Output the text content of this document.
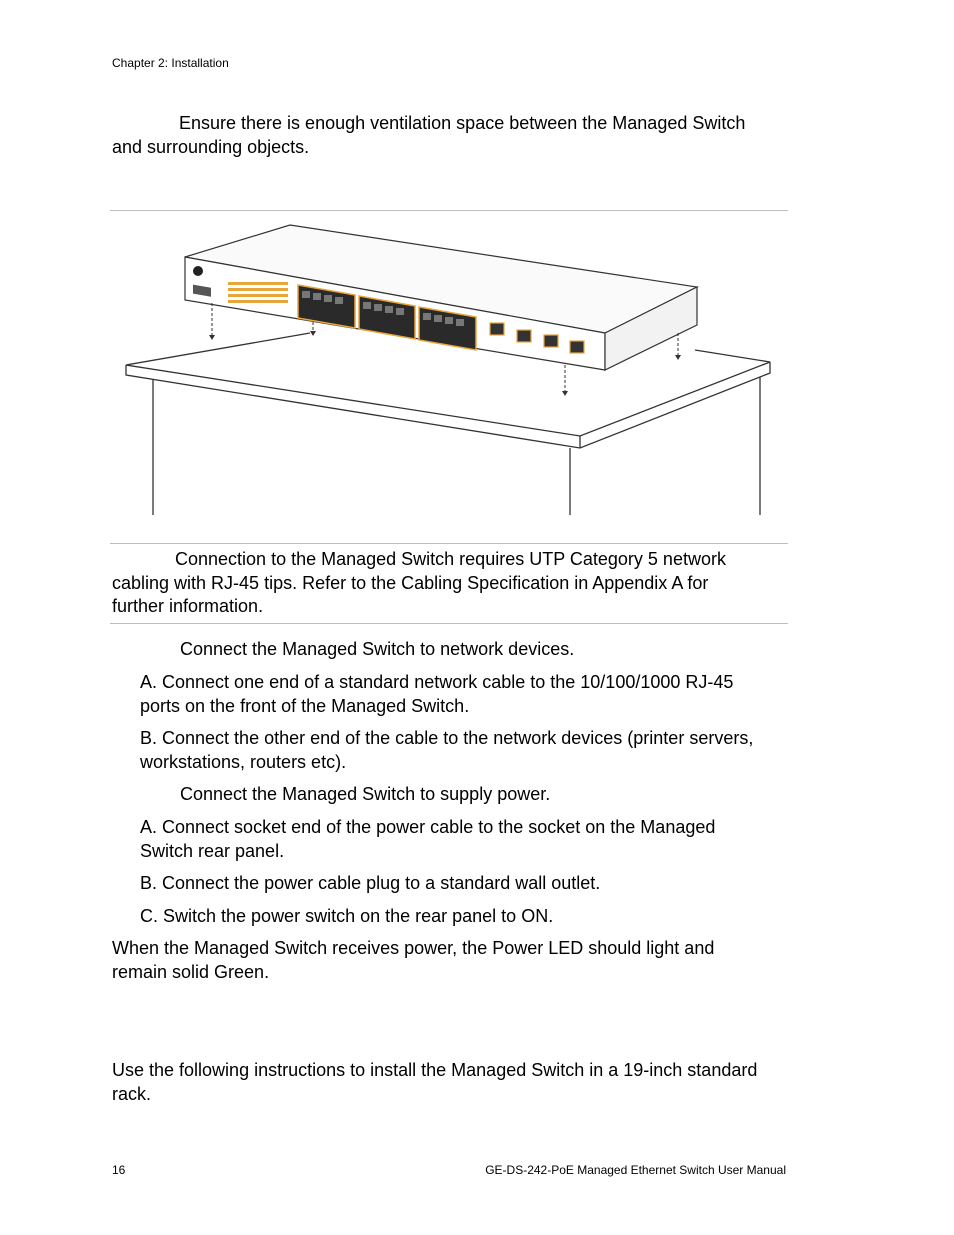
Chapter 2: Installation
Ensure there is enough ventilation space between the Managed Switch
and surrounding objects.
Connection to the Managed Switch requires UTP Category 5 network
cabling with RJ-45 tips. Refer to the Cabling Specification in Appendix A for
further information.
Connect the Managed Switch to network devices.
A. Connect one end of a standard network cable to the 10/100/1000 RJ-45
ports on the front of the Managed Switch.
B. Connect the other end of the cable to the network devices (printer servers,
workstations, routers etc).
Connect the Managed Switch to supply power.
A. Connect socket end of the power cable to the socket on the Managed
Switch rear panel.
B. Connect the power cable plug to a standard wall outlet.
C. Switch the power switch on the rear panel to ON.
When the Managed Switch receives power, the Power LED should light and
remain solid Green.
Use the following instructions to install the Managed Switch in a 19-inch standard
rack.
16	GE-DS-242-PoE Managed Ethernet Switch User Manual
